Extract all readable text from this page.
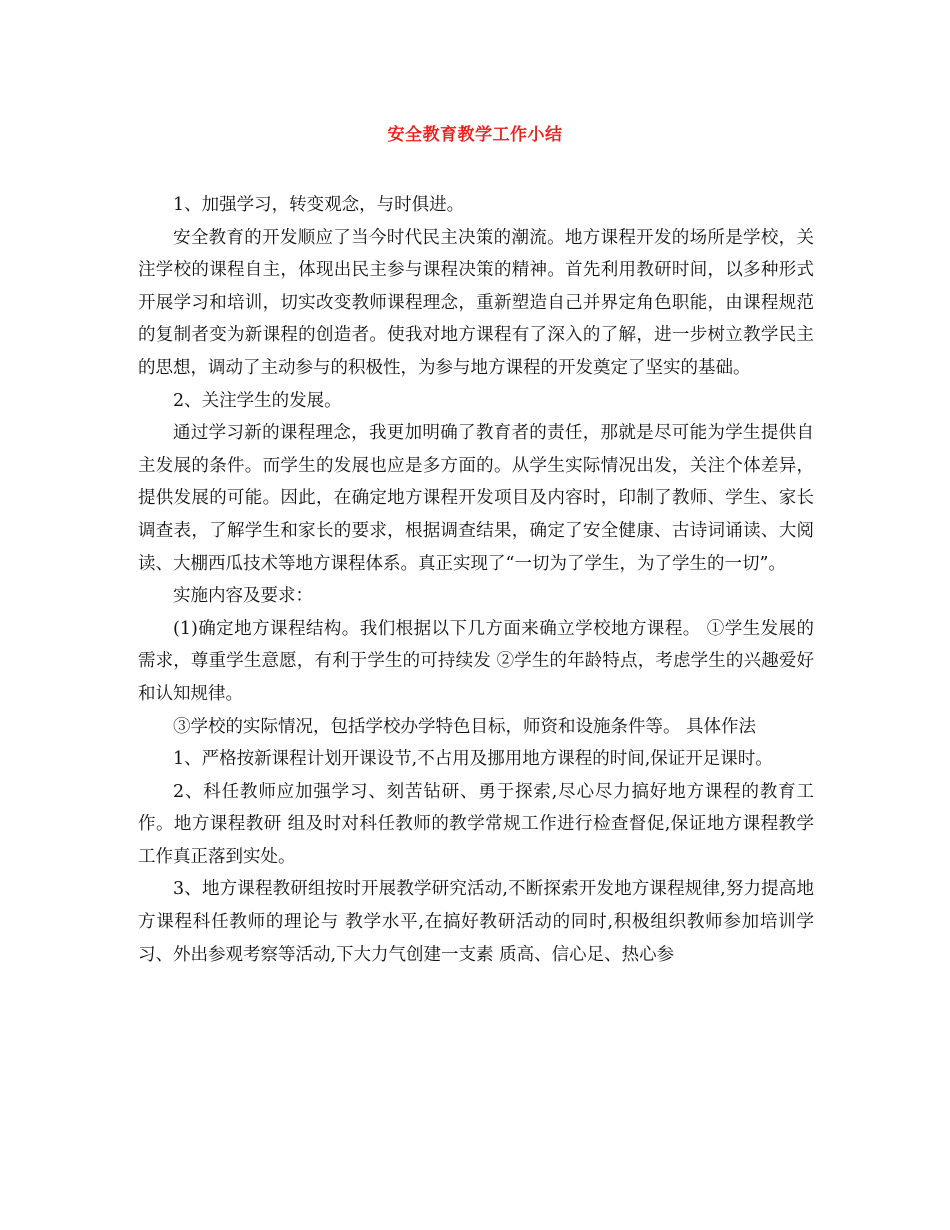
安全教育教学工作小结

1、加强学习，转变观念，与时俱进。

安全教育的开发顺应了当今时代民主决策的潮流。地方课程开发的场所是学校，关注学校的课程自主，体现出民主参与课程决策的精神。首先利用教研时间，以多种形式开展学习和培训，切实改变教师课程理念，重新塑造自己并界定角色职能，由课程规范的复制者变为新课程的创造者。使我对地方课程有了深入的了解，进一步树立教学民主的思想，调动了主动参与的积极性，为参与地方课程的开发奠定了坚实的基础。

2、关注学生的发展。

通过学习新的课程理念，我更加明确了教育者的责任，那就是尽可能为学生提供自主发展的条件。而学生的发展也应是多方面的。从学生实际情况出发，关注个体差异，提供发展的可能。因此，在确定地方课程开发项目及内容时，印制了教师、学生、家长调查表，了解学生和家长的要求，根据调查结果，确定了安全健康、古诗词诵读、大阅读、大棚西瓜技术等地方课程体系。真正实现了“一切为了学生，为了学生的一切”。

实施内容及要求：

(1)确定地方课程结构。我们根据以下几方面来确立学校地方课程。 ①学生发展的需求，尊重学生意愿，有利于学生的可持续发 ②学生的年龄特点，考虑学生的兴趣爱好和认知规律。

③学校的实际情况，包括学校办学特色目标，师资和设施条件等。 具体作法

1、严格按新课程计划开课设节,不占用及挪用地方课程的时间,保证开足课时。

2、科任教师应加强学习、刻苦钻研、勇于探索,尽心尽力搞好地方课程的教育工作。地方课程教研 组及时对科任教师的教学常规工作进行检查督促,保证地方课程教学工作真正落到实处。

3、地方课程教研组按时开展教学研究活动,不断探索开发地方课程规律,努力提高地方课程科任教师的理论与 教学水平,在搞好教研活动的同时,积极组织教师参加培训学习、外出参观考察等活动,下大力气创建一支素 质高、信心足、热心参
